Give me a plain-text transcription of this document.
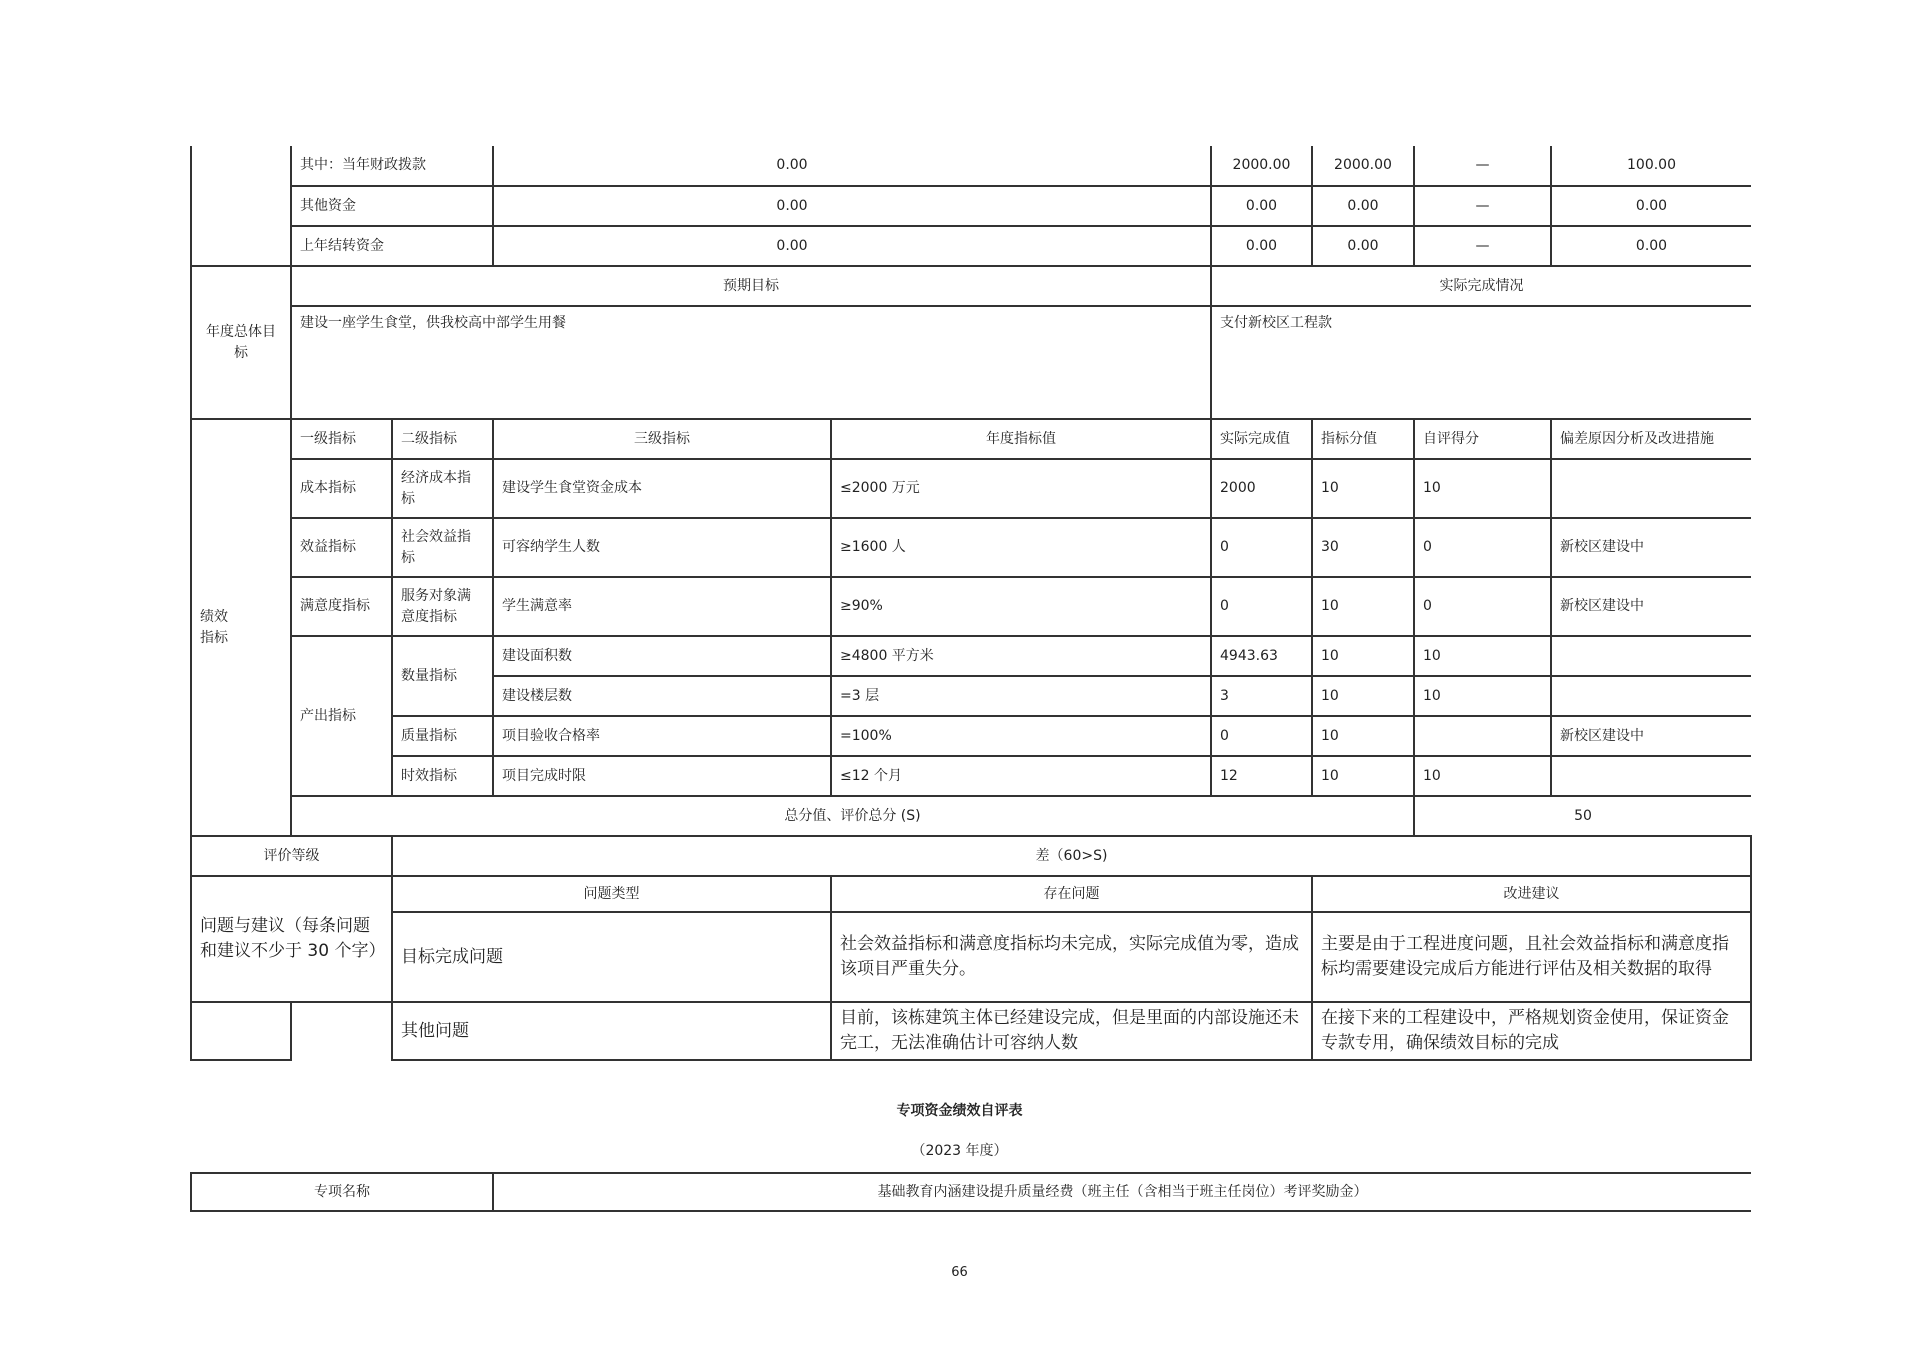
	其中：当年财政拨款		0.00		2000.00	2000.00	—	100.00
	其他资金		0.00		0.00	0.00	—	0.00
	上年结转资金		0.00		0.00	0.00	—	0.00
年度总体目标	预期目标				实际完成情况			
	建设一座学生食堂，供我校高中部学生用餐				支付新校区工程款			
绩效指标	一级指标	二级指标	三级指标	年度指标值	实际完成值	指标分值	自评得分	偏差原因分析及改进措施
	成本指标	经济成本指标	建设学生食堂资金成本	≤2000 万元	2000	10	10	
	效益指标	社会效益指标	可容纳学生人数	≥1600 人	0	30	0	新校区建设中
	满意度指标	服务对象满意度指标	学生满意率	≥90%	0	10	0	新校区建设中
	产出指标	数量指标	建设面积数	≥4800 平方米	4943.63	10	10	
			建设楼层数	=3 层	3	10	10	
		质量指标	项目验收合格率	=100%	0	10		新校区建设中
		时效指标	项目完成时限	≤12 个月	12	10	10	
	总分值、评价总分 (S)						50	
评价等级		差（60>S)						
问题与建议（每条问题和建议不少于 30 个字）		问题类型		存在问题		改进建议		
		目标完成问题		社会效益指标和满意度指标均未完成，实际完成值为零，造成该项目严重失分。		主要是由于工程进度问题，且社会效益指标和满意度指标均需要建设完成后方能进行评估及相关数据的取得		
		其他问题		目前，该栋建筑主体已经建设完成，但是里面的内部设施还未完工，无法准确估计可容纳人数		在接下来的工程建设中，严格规划资金使用，保证资金专款专用，确保绩效目标的完成		
专项资金绩效自评表
（2023 年度）
专项名称	基础教育内涵建设提升质量经费（班主任（含相当于班主任岗位）考评奖励金）
66
